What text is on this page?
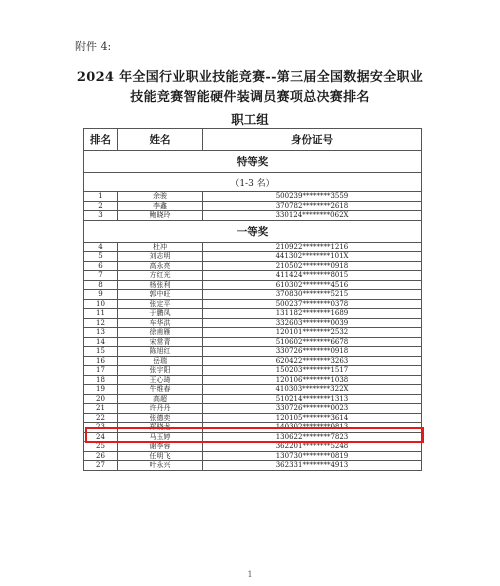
附件 4:
2024 年全国行业职业技能竞赛--第三届全国数据安全职业
技能竞赛智能硬件装调员赛项总决赛排名
职工组
排名	姓名	身份证号
特等奖		
（1-3 名）		
1	余骏	500239********3559
2	李鑫	370782********2618
3	鲍晓玲	330124********062X
一等奖		
4	杜冲	210922********1216
5	刘志明	441302********101X
6	高永亮	210502********0918
7	方红光	411424********8015
8	杨张利	610302********4516
9	郭中旺	370830********5215
10	张定平	500237********0378
11	于鹏凤	131182********1689
12	车华洪	332603********0039
13	徐甫雁	120101********2532
14	宋常青	510602********6678
15	陈旭红	330726********0918
16	岳瑞	620422********3263
17	张宇阳	150203********1517
18	王心琦	120106********1038
19	牛维春	410303********322X
20	高超	510214********1313
21	许丹丹	330726********0023
22	张德奕	120105********3614
23	郑晓龙	140302********0813
24	马玉婷	130622********7823
25	谢李蓉	362201********5248
26	任明飞	130730********0819
27	叶永兴	362331********4913
1
